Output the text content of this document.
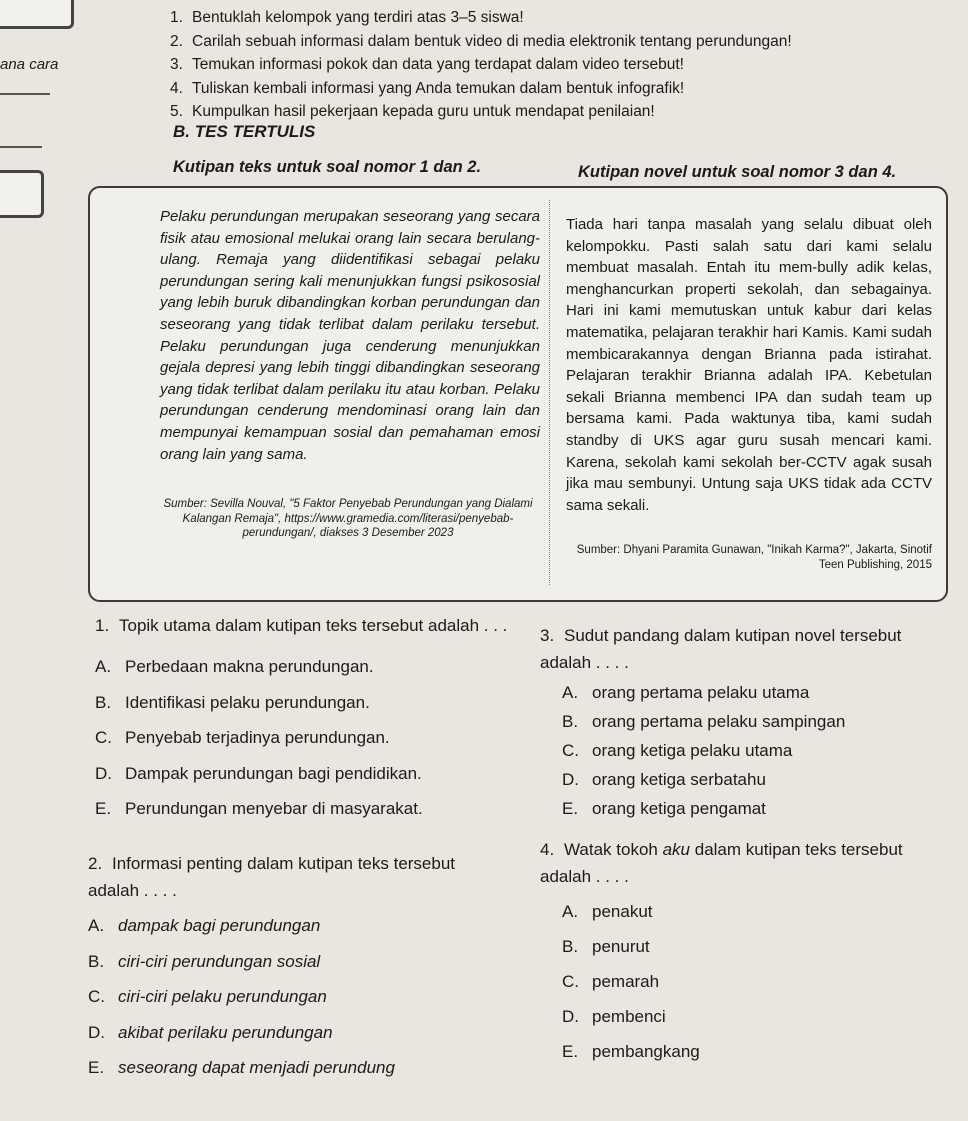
ana cara
1. Bentuklah kelompok yang terdiri atas 3–5 siswa!
2. Carilah sebuah informasi dalam bentuk video di media elektronik tentang perundungan!
3. Temukan informasi pokok dan data yang terdapat dalam video tersebut!
4. Tuliskan kembali informasi yang Anda temukan dalam bentuk infografik!
5. Kumpulkan hasil pekerjaan kepada guru untuk mendapat penilaian!
B. TES TERTULIS
Kutipan teks untuk soal nomor 1 dan 2.	Kutipan novel untuk soal nomor 3 dan 4.
Pelaku perundungan merupakan seseorang yang secara fisik atau emosional melukai orang lain secara berulang-ulang. Remaja yang diidentifikasi sebagai pelaku perundungan sering kali menunjukkan fungsi psikososial yang lebih buruk dibandingkan korban perundungan dan seseorang yang tidak terlibat dalam perilaku tersebut. Pelaku perundungan juga cenderung menunjukkan gejala depresi yang lebih tinggi dibandingkan seseorang yang tidak terlibat dalam perilaku itu atau korban. Pelaku perundungan cenderung mendominasi orang lain dan mempunyai kemampuan sosial dan pemahaman emosi orang lain yang sama.
Sumber: Sevilla Nouval, "5 Faktor Penyebab Perundungan yang Dialami Kalangan Remaja", https://www.gramedia.com/literasi/penyebab-perundungan/, diakses 3 Desember 2023
Tiada hari tanpa masalah yang selalu dibuat oleh kelompokku. Pasti salah satu dari kami selalu membuat masalah. Entah itu mem-bully adik kelas, menghancurkan properti sekolah, dan sebagainya. Hari ini kami memutuskan untuk kabur dari kelas matematika, pelajaran terakhir hari Kamis. Kami sudah membicarakannya dengan Brianna pada istirahat. Pelajaran terakhir Brianna adalah IPA. Kebetulan sekali Brianna membenci IPA dan sudah team up bersama kami. Pada waktunya tiba, kami sudah standby di UKS agar guru susah mencari kami. Karena, sekolah kami sekolah ber-CCTV agak susah jika mau sembunyi. Untung saja UKS tidak ada CCTV sama sekali.
Sumber: Dhyani Paramita Gunawan, "Inikah Karma?", Jakarta, Sinotif Teen Publishing, 2015
1. Topik utama dalam kutipan teks tersebut adalah . . .
A. Perbedaan makna perundungan.
B. Identifikasi pelaku perundungan.
C. Penyebab terjadinya perundungan.
D. Dampak perundungan bagi pendidikan.
E. Perundungan menyebar di masyarakat.
2. Informasi penting dalam kutipan teks tersebut adalah . . . .
A. dampak bagi perundungan
B. ciri-ciri perundungan sosial
C. ciri-ciri pelaku perundungan
D. akibat perilaku perundungan
E. seseorang dapat menjadi perundung
3. Sudut pandang dalam kutipan novel tersebut adalah . . . .
A. orang pertama pelaku utama
B. orang pertama pelaku sampingan
C. orang ketiga pelaku utama
D. orang ketiga serbatahu
E. orang ketiga pengamat
4. Watak tokoh aku dalam kutipan teks tersebut adalah . . . .
A. penakut
B. penurut
C. pemarah
D. pembenci
E. pembangkang
